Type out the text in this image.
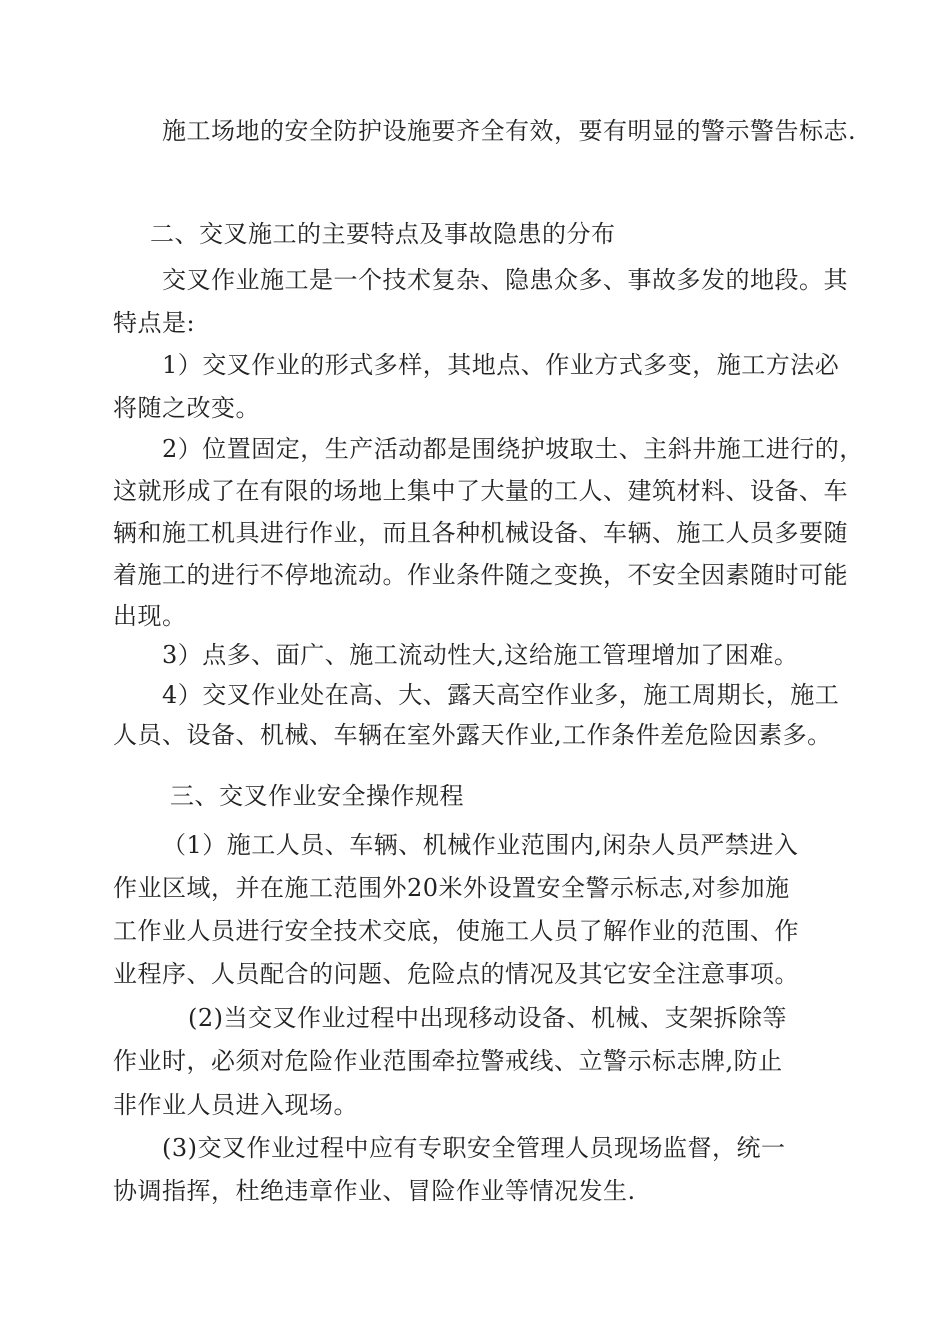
施工场地的安全防护设施要齐全有效，要有明显的警示警告标志.
二、交叉施工的主要特点及事故隐患的分布
交叉作业施工是一个技术复杂、隐患众多、事故多发的地段。其
特点是:
1）交叉作业的形式多样，其地点、作业方式多变，施工方法必
将随之改变。
2）位置固定，生产活动都是围绕护坡取土、主斜井施工进行的，
这就形成了在有限的场地上集中了大量的工人、建筑材料、设备、车
辆和施工机具进行作业，而且各种机械设备、车辆、施工人员多要随
着施工的进行不停地流动。作业条件随之变换，不安全因素随时可能
出现。
3）点多、面广、施工流动性大,这给施工管理增加了困难。
4）交叉作业处在高、大、露天高空作业多，施工周期长，施工
人员、设备、机械、车辆在室外露天作业,工作条件差危险因素多。
三、交叉作业安全操作规程
（1）施工人员、车辆、机械作业范围内,闲杂人员严禁进入
作业区域，并在施工范围外20米外设置安全警示标志,对参加施
工作业人员进行安全技术交底，使施工人员了解作业的范围、作
业程序、人员配合的问题、危险点的情况及其它安全注意事项。
(2)当交叉作业过程中出现移动设备、机械、支架拆除等
作业时，必须对危险作业范围牵拉警戒线、立警示标志牌,防止
非作业人员进入现场。
(3)交叉作业过程中应有专职安全管理人员现场监督，统一
协调指挥，杜绝违章作业、冒险作业等情况发生.
